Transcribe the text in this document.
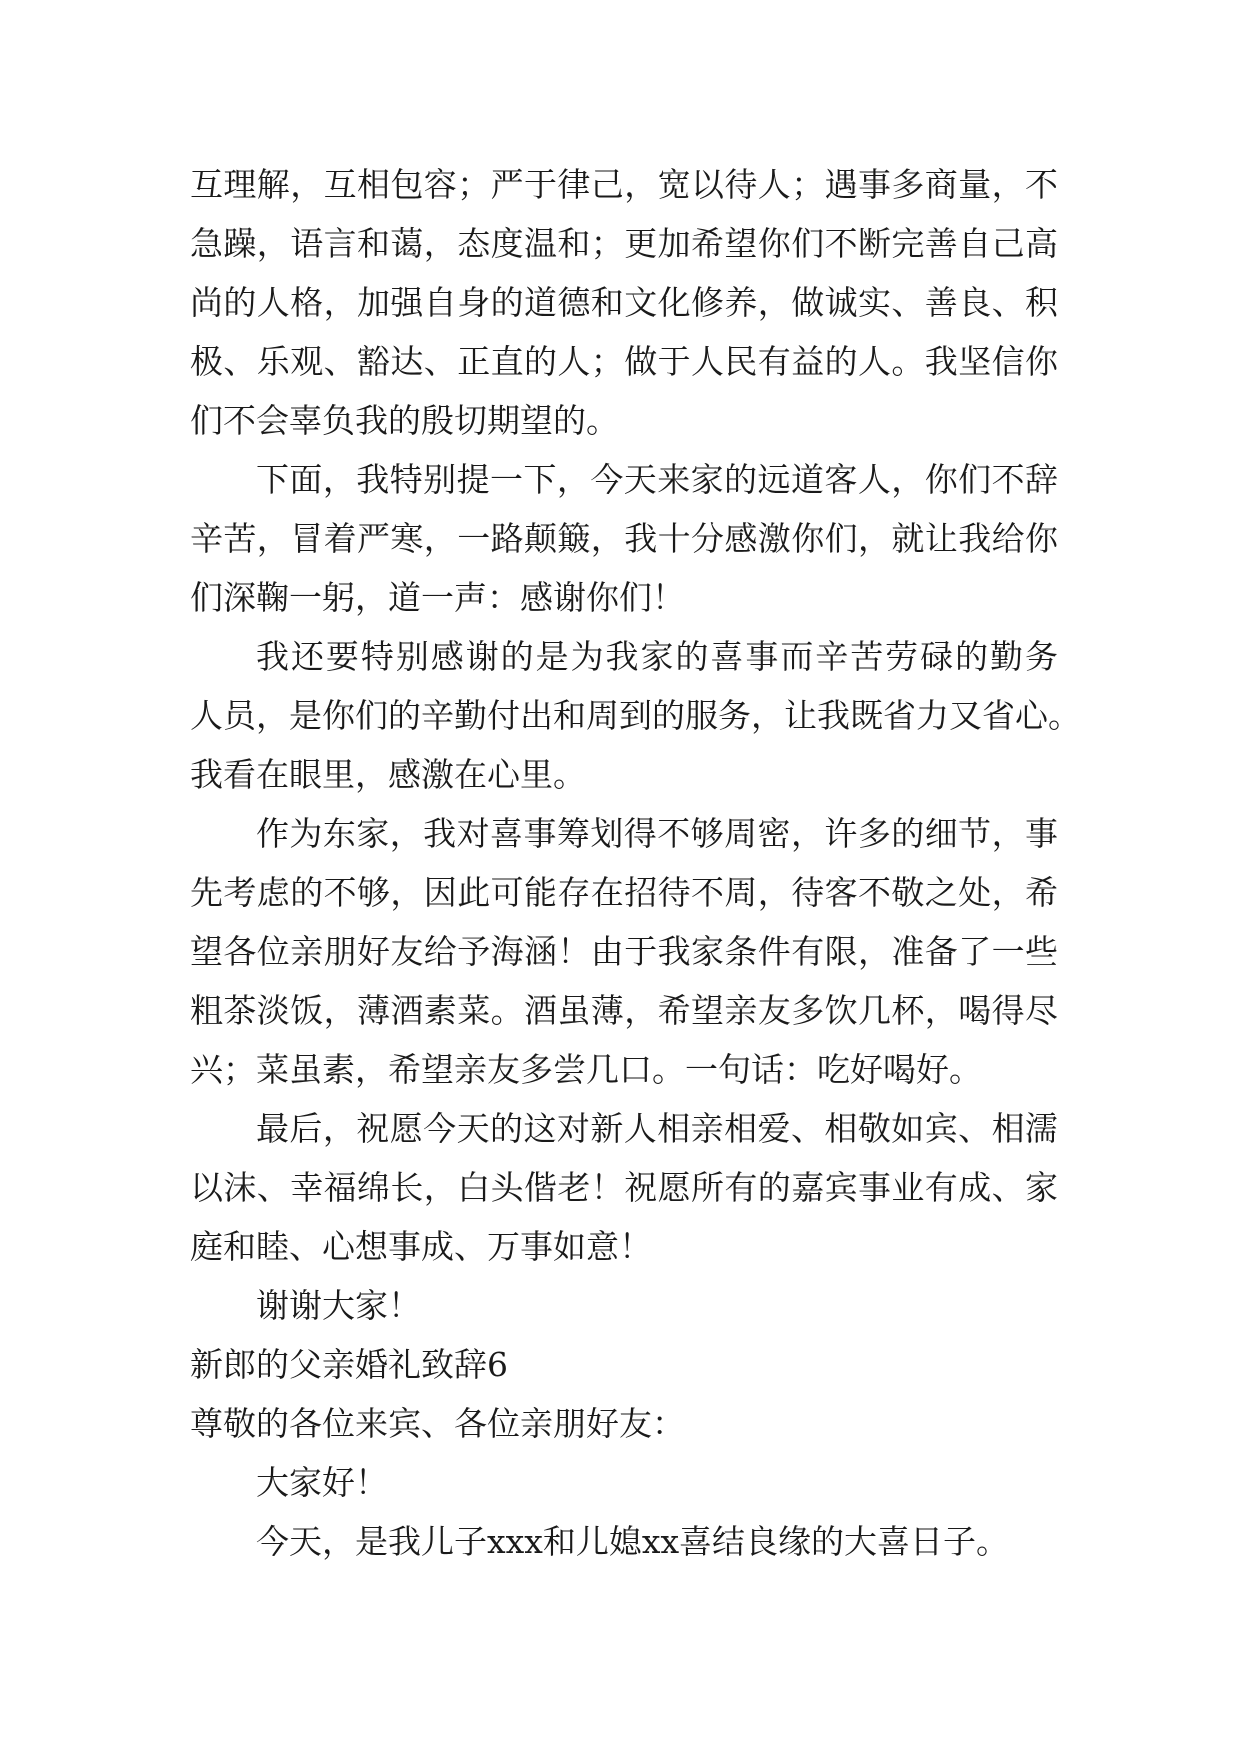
互理解，互相包容；严于律己，宽以待人；遇事多商量，不
急躁，语言和蔼，态度温和；更加希望你们不断完善自己高
尚的人格，加强自身的道德和文化修养，做诚实、善良、积
极、乐观、豁达、正直的人；做于人民有益的人。我坚信你
们不会辜负我的殷切期望的。
下面，我特别提一下，今天来家的远道客人，你们不辞
辛苦，冒着严寒，一路颠簸，我十分感激你们，就让我给你
们深鞠一躬，道一声：感谢你们！
我还要特别感谢的是为我家的喜事而辛苦劳碌的勤务
人员，是你们的辛勤付出和周到的服务，让我既省力又省心。
我看在眼里，感激在心里。
作为东家，我对喜事筹划得不够周密，许多的细节，事
先考虑的不够，因此可能存在招待不周，待客不敬之处，希
望各位亲朋好友给予海涵！由于我家条件有限，准备了一些
粗茶淡饭，薄酒素菜。酒虽薄，希望亲友多饮几杯，喝得尽
兴；菜虽素，希望亲友多尝几口。一句话：吃好喝好。
最后，祝愿今天的这对新人相亲相爱、相敬如宾、相濡
以沫、幸福绵长，白头偕老！祝愿所有的嘉宾事业有成、家
庭和睦、心想事成、万事如意！
谢谢大家！
新郎的父亲婚礼致辞6
尊敬的各位来宾、各位亲朋好友：
大家好！
今天，是我儿子xxx和儿媳xx喜结良缘的大喜日子。
